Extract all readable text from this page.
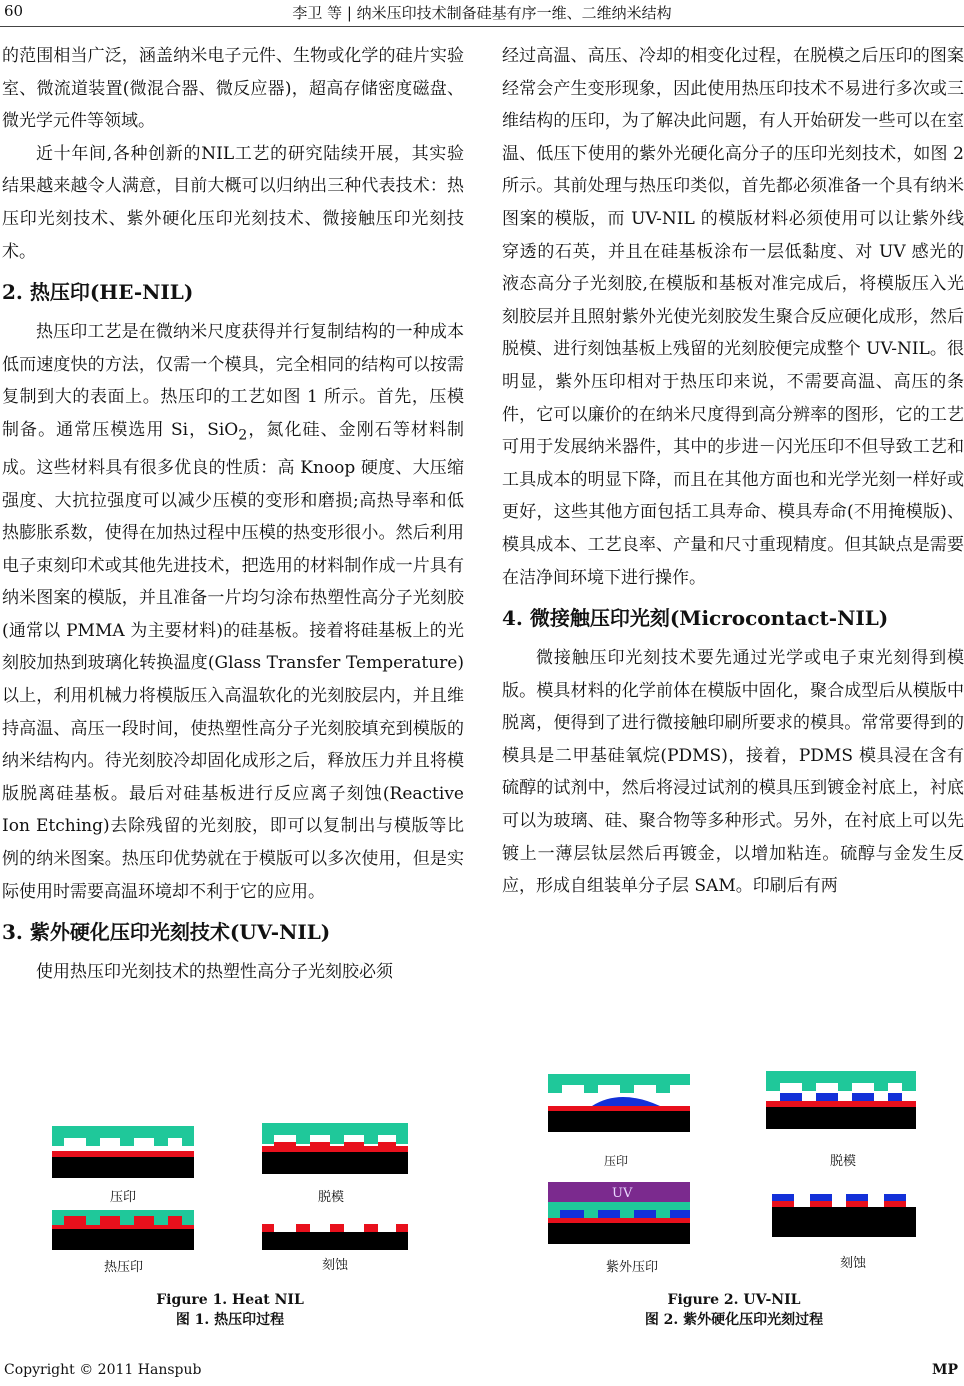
60	李卫 等 | 纳米压印技术制备硅基有序一维、二维纳米结构

的范围相当广泛，涵盖纳米电子元件、生物或化学的硅片实验室、微流道装置(微混合器、微反应器)，超高存储密度磁盘、微光学元件等领域。

近十年间,各种创新的NIL工艺的研究陆续开展，其实验结果越来越令人满意，目前大概可以归纳出三种代表技术：热压印光刻技术、紫外硬化压印光刻技术、微接触压印光刻技术。

2. 热压印(HE-NIL)

热压印工艺是在微纳米尺度获得并行复制结构的一种成本低而速度快的方法，仅需一个模具，完全相同的结构可以按需复制到大的表面上。热压印的工艺如图 1 所示。首先，压模制备。通常压模选用 Si，SiO$_2$，氮化硅、金刚石等材料制成。这些材料具有很多优良的性质：高 Knoop 硬度、大压缩强度、大抗拉强度可以减少压模的变形和磨损;高热导率和低热膨胀系数，使得在加热过程中压模的热变形很小。然后利用电子束刻印术或其他先进技术，把选用的材料制作成一片具有纳米图案的模版，并且准备一片均匀涂布热塑性高分子光刻胶(通常以 PMMA 为主要材料)的硅基板。接着将硅基板上的光刻胶加热到玻璃化转换温度(Glass Transfer Temperature)以上，利用机械力将模版压入高温软化的光刻胶层内，并且维持高温、高压一段时间，使热塑性高分子光刻胶填充到模版的纳米结构内。待光刻胶冷却固化成形之后，释放压力并且将模版脱离硅基板。最后对硅基板进行反应离子刻蚀(Reactive Ion Etching)去除残留的光刻胶，即可以复制出与模版等比例的纳米图案。热压印优势就在于模版可以多次使用，但是实际使用时需要高温环境却不利于它的应用。

3. 紫外硬化压印光刻技术(UV-NIL)

使用热压印光刻技术的热塑性高分子光刻胶必须

经过高温、高压、冷却的相变化过程，在脱模之后压印的图案经常会产生变形现象，因此使用热压印技术不易进行多次或三维结构的压印，为了解决此问题，有人开始研发一些可以在室温、低压下使用的紫外光硬化高分子的压印光刻技术，如图 2 所示。其前处理与热压印类似，首先都必须准备一个具有纳米图案的模版，而 UV-NIL 的模版材料必须使用可以让紫外线穿透的石英，并且在硅基板涂布一层低黏度、对 UV 感光的液态高分子光刻胶,在模版和基板对准完成后，将模版压入光刻胶层并且照射紫外光使光刻胶发生聚合反应硬化成形，然后脱模、进行刻蚀基板上残留的光刻胶便完成整个 UV-NIL。很明显，紫外压印相对于热压印来说，不需要高温、高压的条件，它可以廉价的在纳米尺度得到高分辨率的图形，它的工艺可用于发展纳米器件，其中的步进－闪光压印不但导致工艺和工具成本的明显下降，而且在其他方面也和光学光刻一样好或更好，这些其他方面包括工具寿命、模具寿命(不用掩模版)、模具成本、工艺良率、产量和尺寸重现精度。但其缺点是需要在洁净间环境下进行操作。

4. 微接触压印光刻(Microcontact-NIL)

微接触压印光刻技术要先通过光学或电子束光刻得到模版。模具材料的化学前体在模版中固化，聚合成型后从模版中脱离，便得到了进行微接触印刷所要求的模具。常常要得到的模具是二甲基硅氧烷(PDMS)，接着，PDMS 模具浸在含有硫醇的试剂中，然后将浸过试剂的模具压到镀金衬底上，衬底可以为玻璃、硅、聚合物等多种形式。另外，在衬底上可以先镀上一薄层钛层然后再镀金，以增加粘连。硫醇与金发生反应，形成自组装单分子层 SAM。印刷后有两

压印	脱模
热压印	刻蚀
压印	脱模
UV
紫外压印	刻蚀
Figure 1. Heat NIL
图 1. 热压印过程
Figure 2. UV-NIL
图 2. 紫外硬化压印光刻过程
Copyright © 2011 Hanspub	MP
